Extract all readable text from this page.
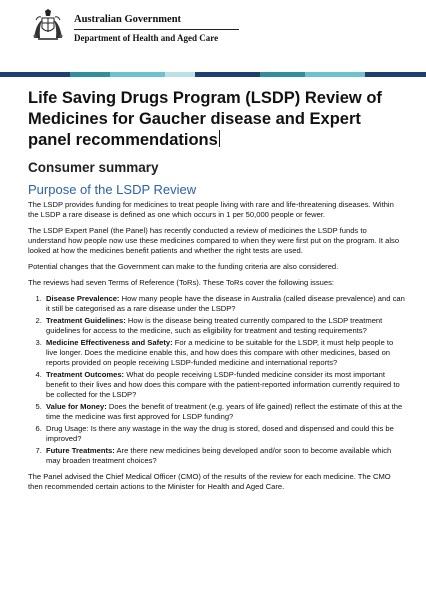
Australian Government
Department of Health and Aged Care
Life Saving Drugs Program (LSDP) Review of Medicines for Gaucher disease and Expert panel recommendations
Consumer summary
Purpose of the LSDP Review

The LSDP provides funding for medicines to treat people living with rare and life-threatening diseases. Within the LSDP a rare disease is defined as one which occurs in 1 per 50,000 people or fewer.

The LSDP Expert Panel (the Panel) has recently conducted a review of medicines the LSDP funds to understand how people now use these medicines compared to when they were first put on the program. It also looked at how the medicines benefit patients and whether the right tests are used.

Potential changes that the Government can make to the funding criteria are also considered.

The reviews had seven Terms of Reference (ToRs). These ToRs cover the following issues:

1. Disease Prevalence: How many people have the disease in Australia (called disease prevalence) and can it still be categorised as a rare disease under the LSDP?
2. Treatment Guidelines: How is the disease being treated currently compared to the LSDP treatment guidelines for access to the medicine, such as eligibility for treatment and testing requirements?
3. Medicine Effectiveness and Safety: For a medicine to be suitable for the LSDP, it must help people to live longer. Does the medicine enable this, and how does this compare with other medicines, based on reports provided on people receiving LSDP-funded medicine and international reports?
4. Treatment Outcomes: What do people receiving LSDP-funded medicine consider its most important benefit to their lives and how does this compare with the patient-reported information currently required to be collected for the LSDP?
5. Value for Money: Does the benefit of treatment (e.g. years of life gained) reflect the estimate of this at the time the medicine was first approved for LSDP funding?
6. Drug Usage: Is there any wastage in the way the drug is stored, dosed and dispensed and could this be improved?
7. Future Treatments: Are there new medicines being developed and/or soon to become available which may broaden treatment choices?

The Panel advised the Chief Medical Officer (CMO) of the results of the review for each medicine. The CMO then recommended certain actions to the Minister for Health and Aged Care.
